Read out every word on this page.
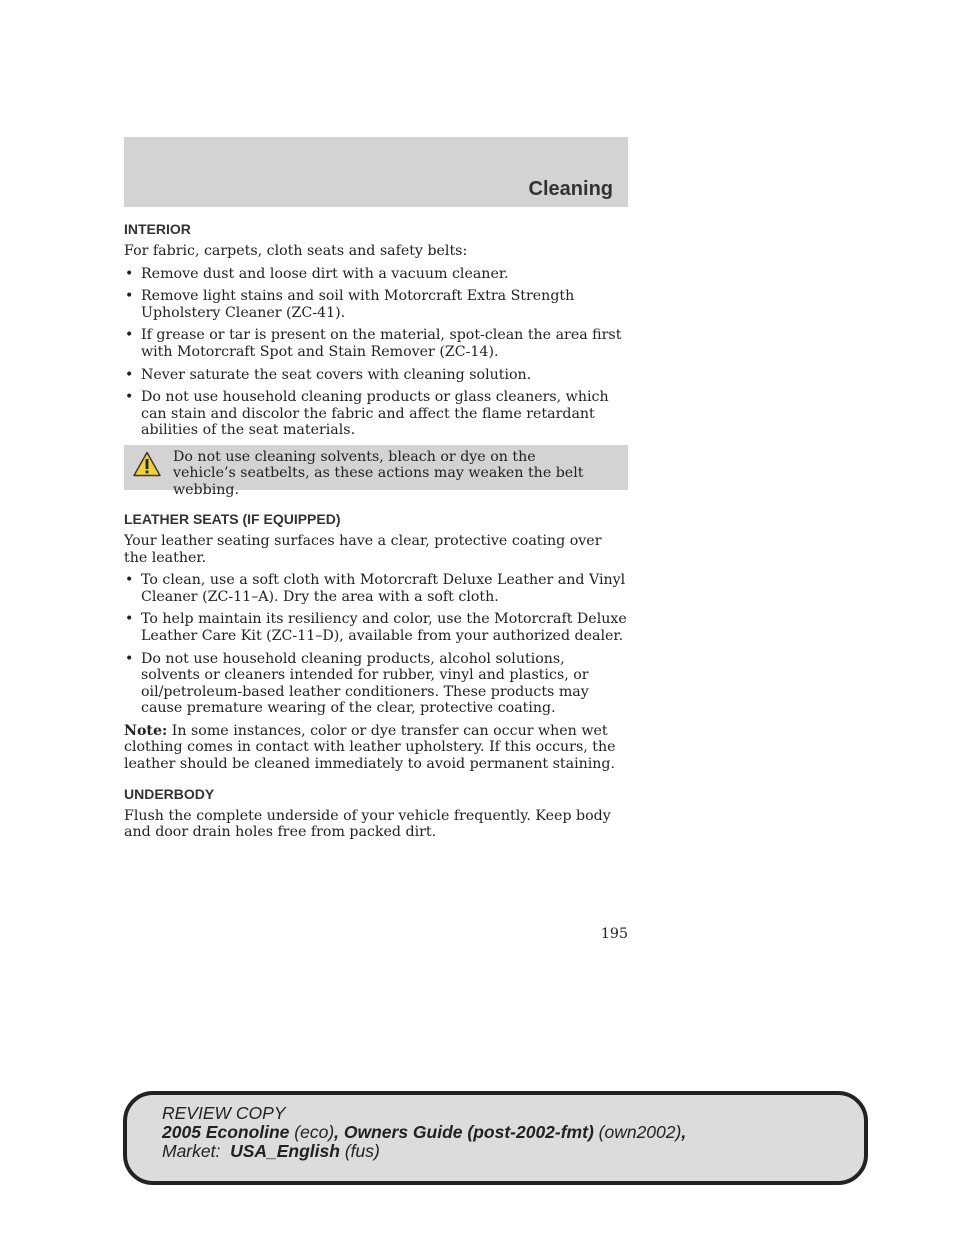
Cleaning
INTERIOR

For fabric, carpets, cloth seats and safety belts:

• Remove dust and loose dirt with a vacuum cleaner.
• Remove light stains and soil with Motorcraft Extra Strength Upholstery Cleaner (ZC-41).
• If grease or tar is present on the material, spot-clean the area first with Motorcraft Spot and Stain Remover (ZC-14).
• Never saturate the seat covers with cleaning solution.
• Do not use household cleaning products or glass cleaners, which can stain and discolor the fabric and affect the flame retardant abilities of the seat materials.
Do not use cleaning solvents, bleach or dye on the vehicle’s seatbelts, as these actions may weaken the belt webbing.
LEATHER SEATS (IF EQUIPPED)

Your leather seating surfaces have a clear, protective coating over the leather.

• To clean, use a soft cloth with Motorcraft Deluxe Leather and Vinyl Cleaner (ZC-11–A). Dry the area with a soft cloth.
• To help maintain its resiliency and color, use the Motorcraft Deluxe Leather Care Kit (ZC-11–D), available from your authorized dealer.
• Do not use household cleaning products, alcohol solutions, solvents or cleaners intended for rubber, vinyl and plastics, or oil/petroleum-based leather conditioners. These products may cause premature wearing of the clear, protective coating.

Note: In some instances, color or dye transfer can occur when wet clothing comes in contact with leather upholstery. If this occurs, the leather should be cleaned immediately to avoid permanent staining.

UNDERBODY

Flush the complete underside of your vehicle frequently. Keep body and door drain holes free from packed dirt.

195
REVIEW COPY
2005 Econoline (eco), Owners Guide (post-2002-fmt) (own2002),
Market:  USA_English (fus)
